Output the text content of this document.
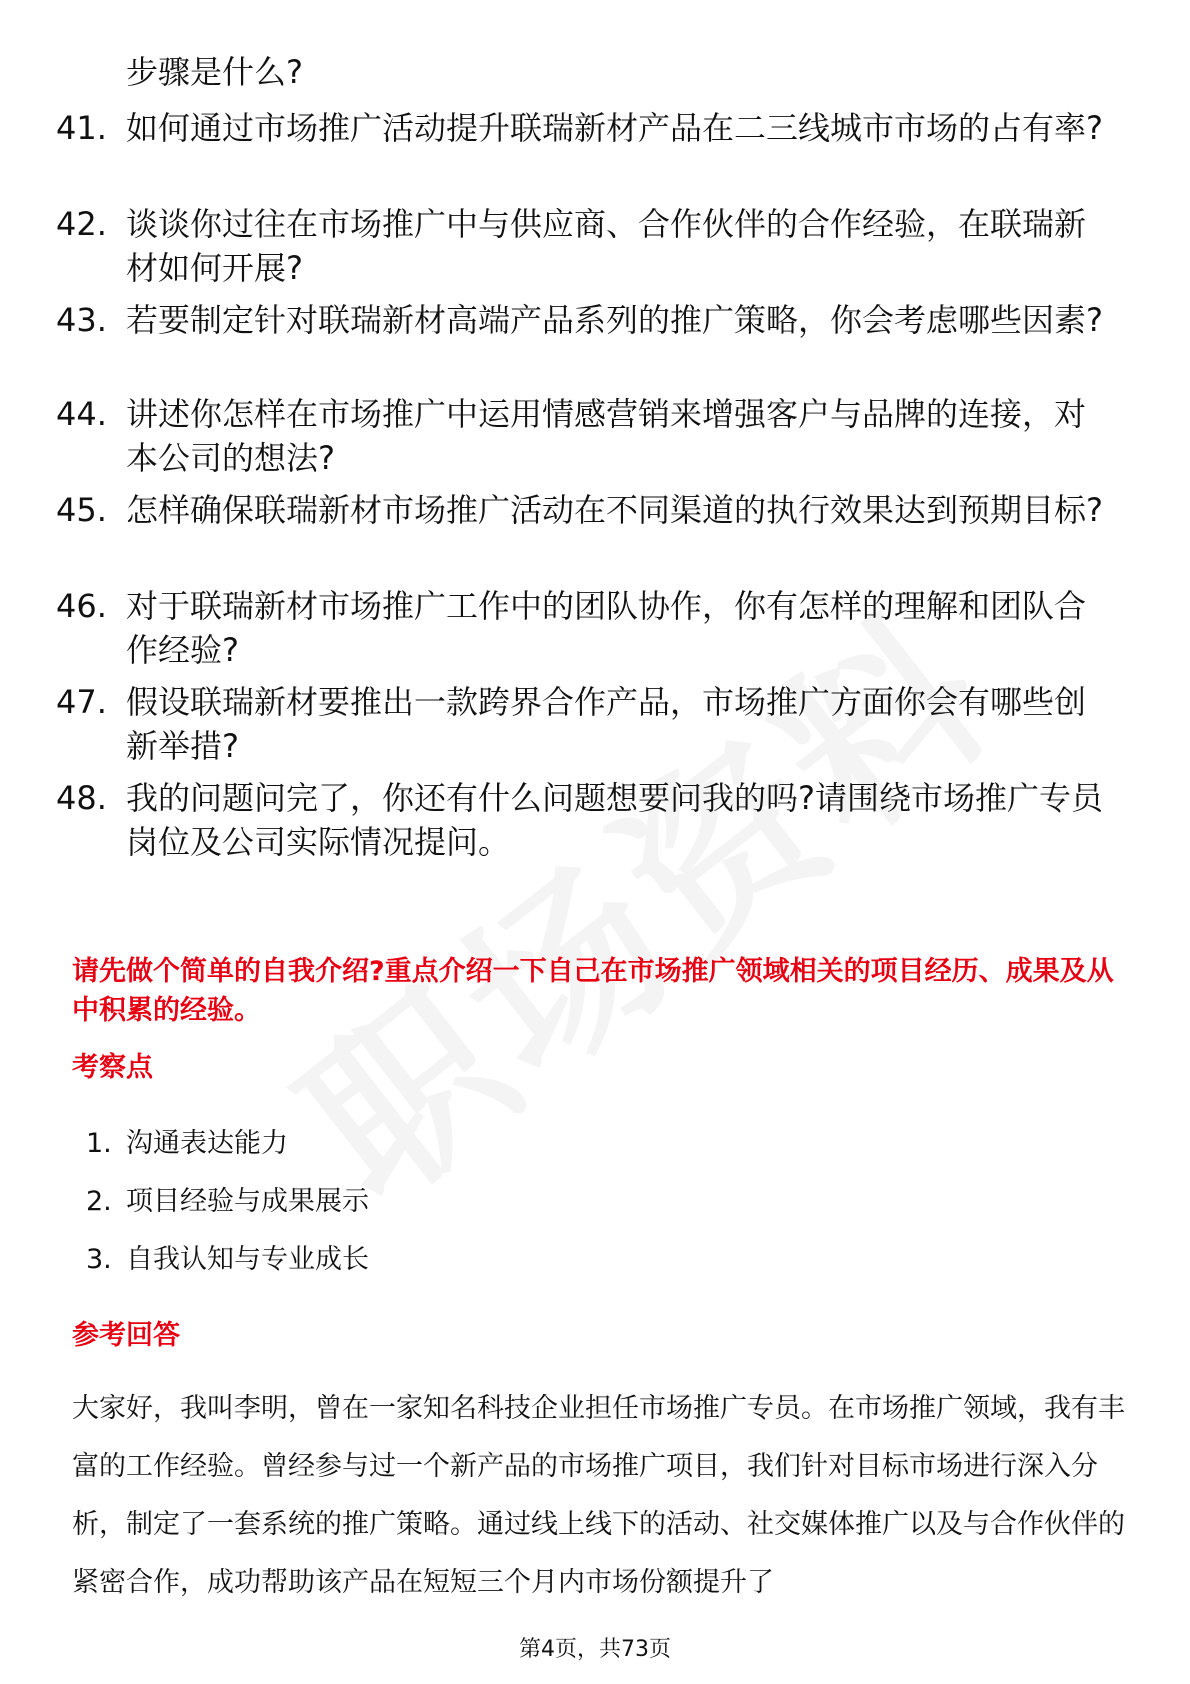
步骤是什么?
41. 如何通过市场推广活动提升联瑞新材产品在二三线城市市场的占有率?
42. 谈谈你过往在市场推广中与供应商、合作伙伴的合作经验，在联瑞新材如何开展?
43. 若要制定针对联瑞新材高端产品系列的推广策略，你会考虑哪些因素?
44. 讲述你怎样在市场推广中运用情感营销来增强客户与品牌的连接，对本公司的想法?
45. 怎样确保联瑞新材市场推广活动在不同渠道的执行效果达到预期目标?
46. 对于联瑞新材市场推广工作中的团队协作，你有怎样的理解和团队合作经验?
47. 假设联瑞新材要推出一款跨界合作产品，市场推广方面你会有哪些创新举措?
48. 我的问题问完了，你还有什么问题想要问我的吗?请围绕市场推广专员岗位及公司实际情况提问。
请先做个简单的自我介绍?重点介绍一下自己在市场推广领域相关的项目经历、成果及从中积累的经验。
考察点
1. 沟通表达能力
2. 项目经验与成果展示
3. 自我认知与专业成长
参考回答
大家好，我叫李明，曾在一家知名科技企业担任市场推广专员。在市场推广领域，我有丰富的工作经验。曾经参与过一个新产品的市场推广项目，我们针对目标市场进行深入分析，制定了一套系统的推广策略。通过线上线下的活动、社交媒体推广以及与合作伙伴的紧密合作，成功帮助该产品在短短三个月内市场份额提升了
第4页，共73页
